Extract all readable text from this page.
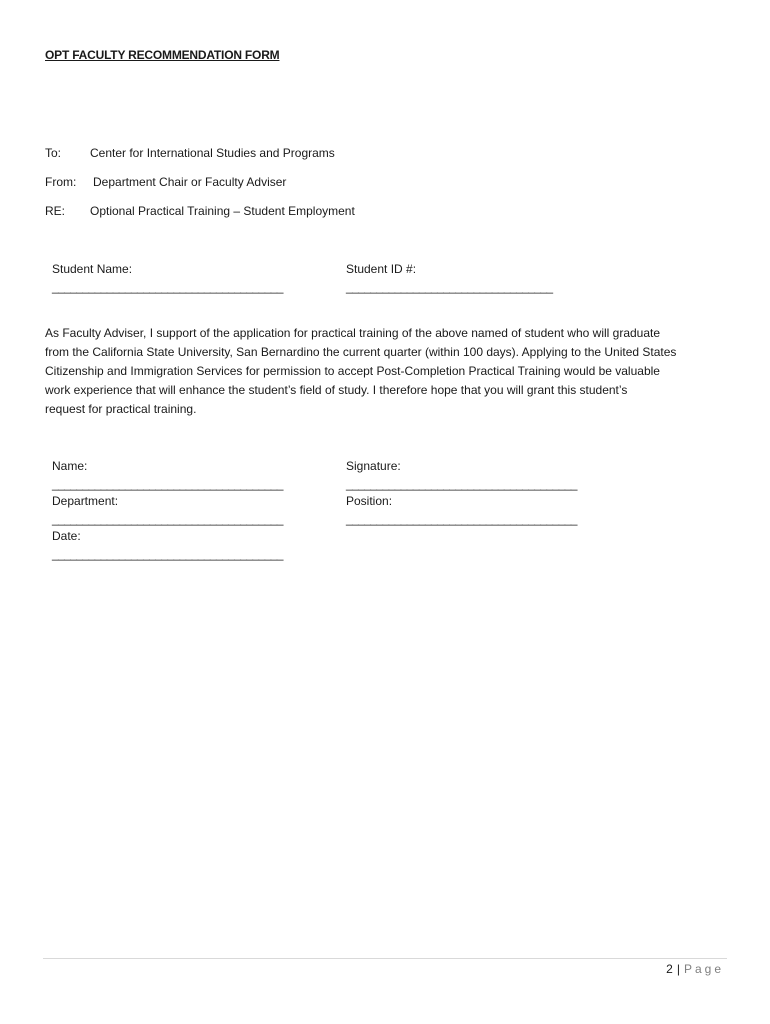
OPT FACULTY RECOMMENDATION FORM
To: Center for International Studies and Programs
From: Department Chair or Faculty Adviser
RE: Optional Practical Training – Student Employment
Student Name:
______________________________________
Student ID #:
__________________________________
As Faculty Adviser, I support of the application for practical training of the above named of student who will graduate
from the California State University, San Bernardino the current quarter (within 100 days). Applying to the United States
Citizenship and Immigration Services for permission to accept Post-Completion Practical Training would be valuable
work experience that will enhance the student’s field of study. I therefore hope that you will grant this student’s
request for practical training.
Name:
______________________________________
Signature:
______________________________________
Department:
______________________________________
Position:
______________________________________
Date:
______________________________________
2 | Page
